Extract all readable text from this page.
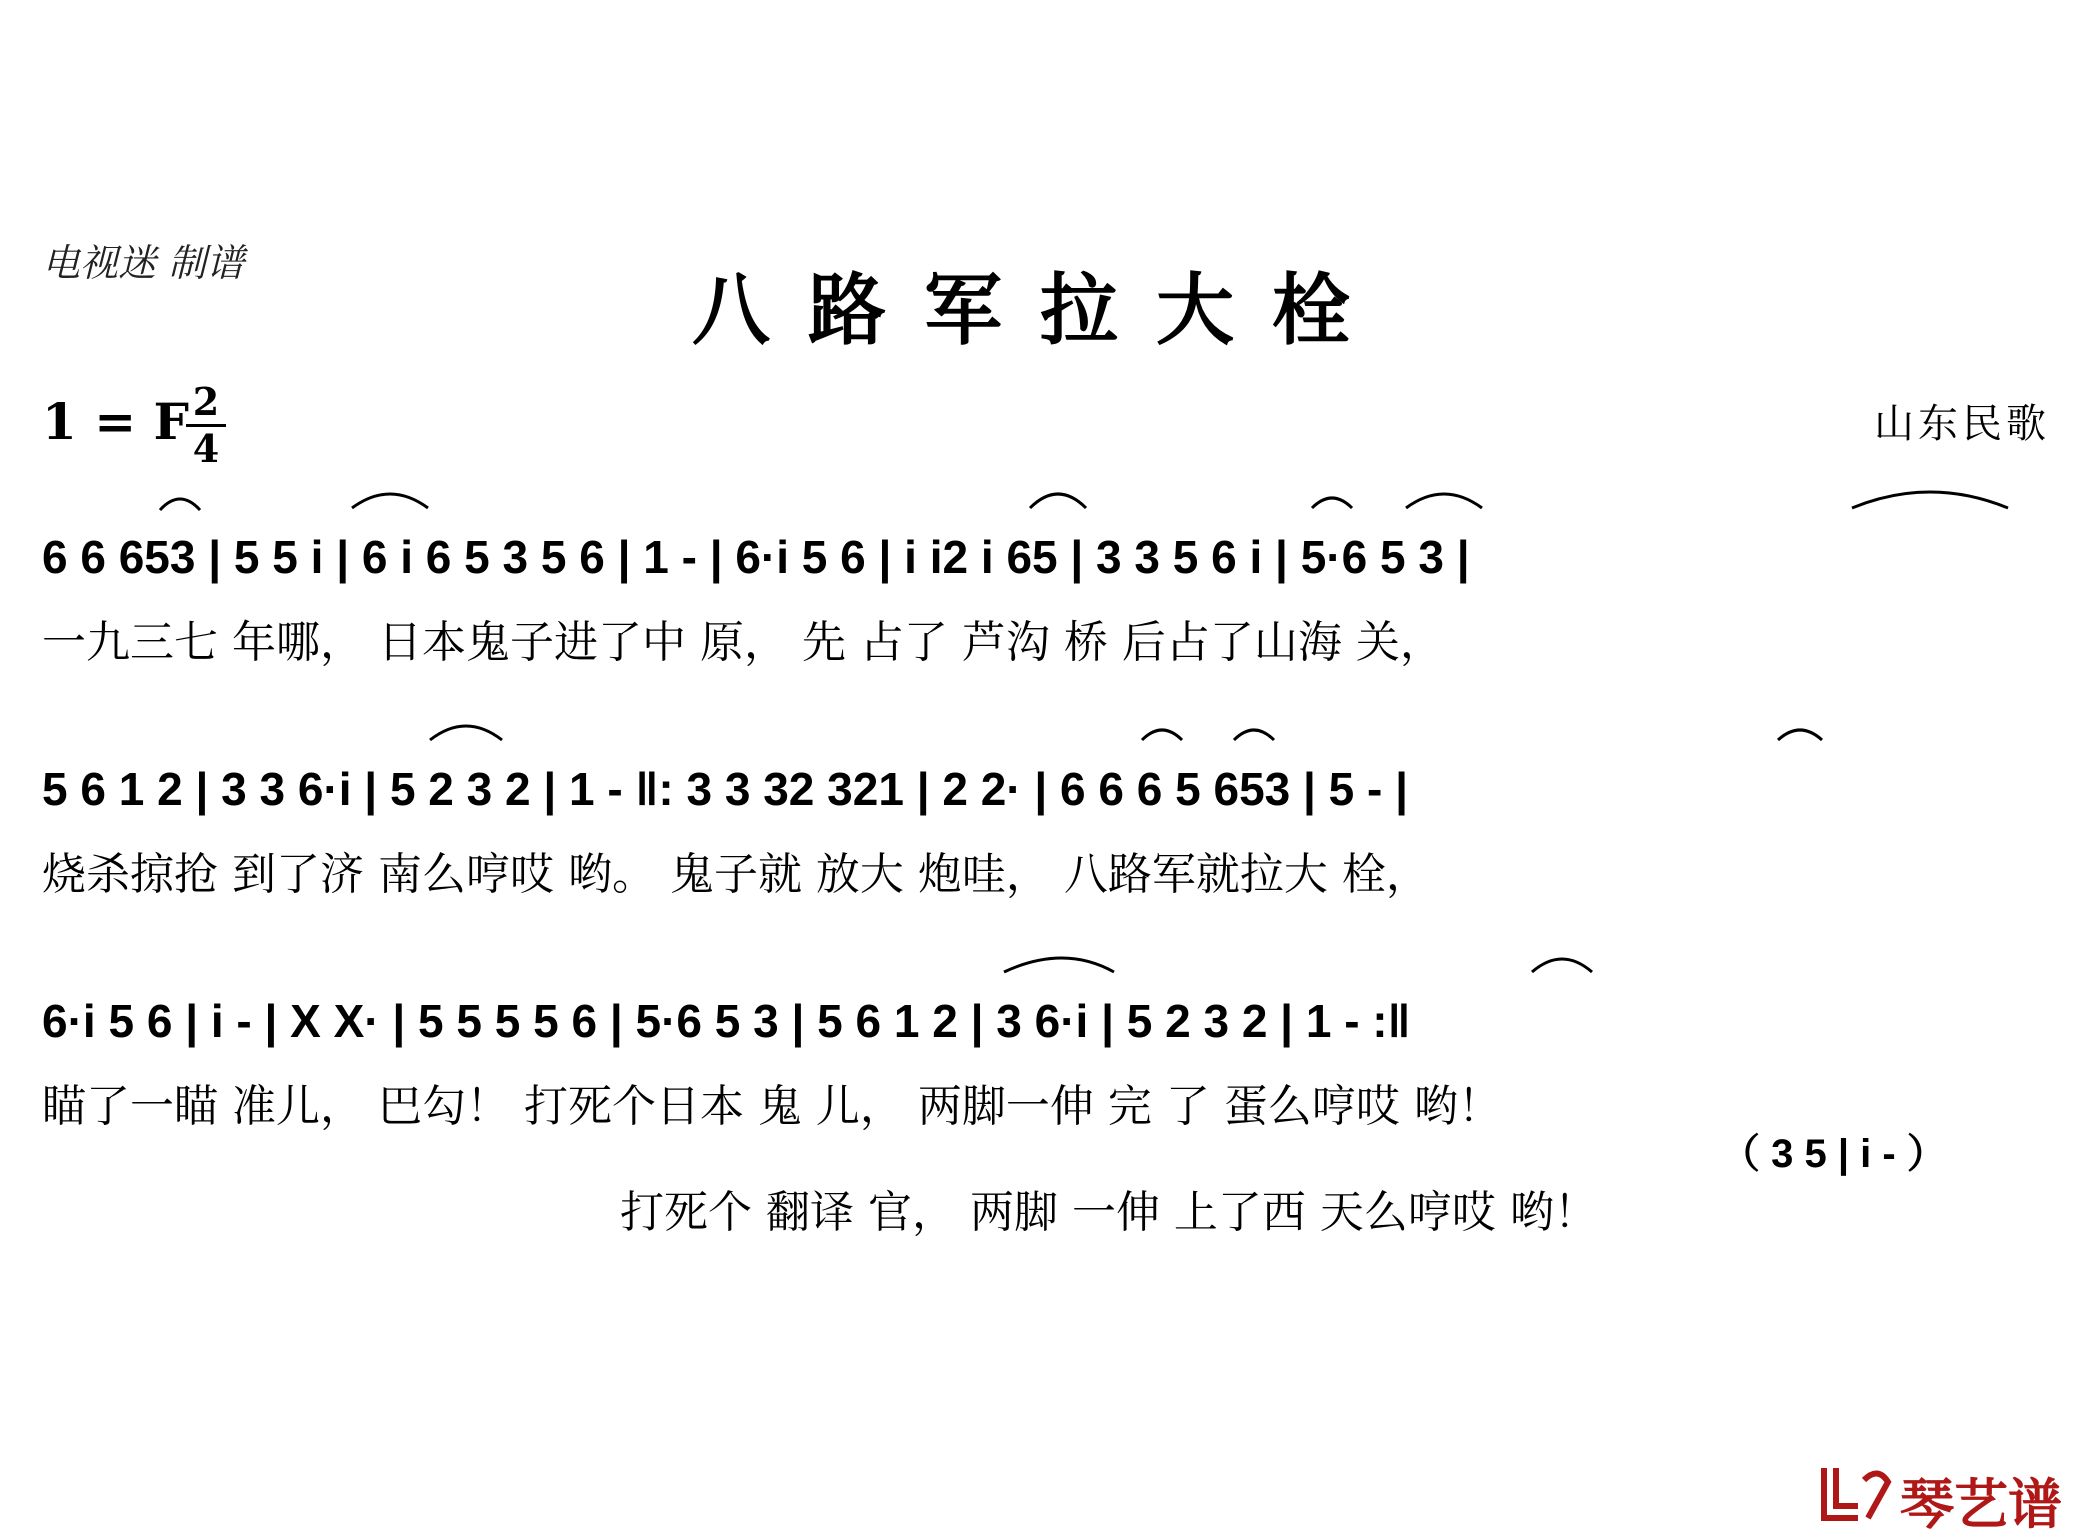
电视迷 制谱
八路军拉大栓
1 = F 2
4
山东民歌
6 6 653 | 5 5 i | 6 i 6 5 3 5 6 | 1 - | 6·i 5 6 | i i2 i 65 | 3 3 5 6 i | 5·6 5 3 |
一九三七 年哪， 日本鬼子进了中 原， 先 占了 芦沟 桥 后占了山海 关，
5 6 1 2 | 3 3 6·i | 5 2 3 2 | 1 - ‖: 3 3 32 321 | 2 2· | 6 6 6 5 653 | 5 - |
烧杀掠抢 到了济 南么哼哎 哟。 鬼子就 放大 炮哇， 八路军就拉大 栓，
6·i 5 6 | i - | X X· | 5 5 5 5 6 | 5·6 5 3 | 5 6 1 2 | 3 6·i | 5 2 3 2 | 1 - :‖
瞄了一瞄 准儿， 巴勾！ 打死个日本 鬼 儿， 两脚一伸 完 了 蛋么哼哎 哟！
（ 3 5 | i - ）
打死个 翻译 官， 两脚 一伸 上了西 天么哼哎 哟！
琴艺谱
